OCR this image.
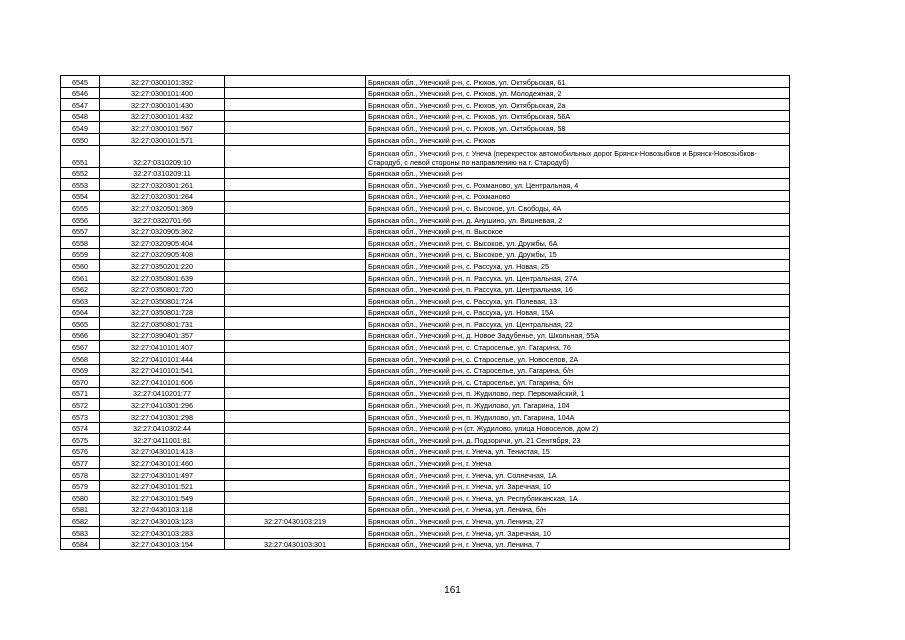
6545	32:27:0300101:392		Брянская обл., Унечский р-н, с. Рюхов, ул. Октябрьская, 61
6546	32:27:0300101:400		Брянская обл., Унечский р-н, с. Рюхов, ул. Молодежная, 2
6547	32:27:0300101:430		Брянская обл., Унечский р-н, с. Рюхов, ул. Октябрьская, 2а
6548	32:27:0300101:432		Брянская обл., Унечский р-н, с. Рюхов, ул. Октябрьская, 56А
6549	32:27:0300101:567		Брянская обл., Унечский р-н, с. Рюхов, ул. Октябрьская, 58
6550	32:27:0300101:571		Брянская обл., Унечский р-н, с. Рюхов
6551	32:27:0310209:10		Брянская обл., Унечский р-н, г. Унеча (перекресток автомобильных дорог Брянск-Новозыбков и Брянск-Новозыбков-Стародуб, с левой стороны по направлению на г. Стародуб)
6552	32:27:0310209:11		Брянская обл., Унечский р-н
6553	32:27:0320301:261		Брянская обл., Унечский р-н, с. Рохманово, ул. Центральная, 4
6554	32:27:0320301:264		Брянская обл., Унечский р-н, с. Рохманово
6555	32:27:0320501:369		Брянская обл., Унечский р-н, с. Высокое, ул. Свободы, 4А
6556	32:27:0320701:66		Брянская обл., Унечский р-н, д. Анушино, ул. Вишневая, 2
6557	32:27:0320905:362		Брянская обл., Унечский р-н, п. Высокое
6558	32:27:0320905:404		Брянская обл., Унечский р-н, с. Высокое, ул. Дружбы, 6А
6559	32:27:0320905:408		Брянская обл., Унечский р-н, с. Высокое, ул. Дружбы, 15
6560	32:27:0350201:220		Брянская обл., Унечский р-н, с. Рассуха, ул. Новая, 25
6561	32:27:0350801:639		Брянская обл., Унечский р-н, п. Рассуха, ул. Центральная, 27А
6562	32:27:0350801:720		Брянская обл., Унечский р-н, п. Рассуха, ул. Центральная, 16
6563	32:27:0350801:724		Брянская обл., Унечский р-н, с. Рассуха, ул. Полевая, 13
6564	32:27:0350801:728		Брянская обл., Унечский р-н, с. Рассуха, ул. Новая, 15А
6565	32:27:0350801:731		Брянская обл., Унечский р-н, п. Рассуха, ул. Центральная, 22
6566	32:27:0390401:357		Брянская обл., Унечский р-н, д. Новое Задубенье, ул. Школьная, 55А
6567	32:27:0410101:407		Брянская обл., Унечский р-н, с. Староселье, ул. Гагарина, 76
6568	32:27:0410101:444		Брянская обл., Унечский р-н, с. Староселье, ул. Новоселов, 2А
6569	32:27:0410101:541		Брянская обл., Унечский р-н, с. Староселье, ул. Гагарина, б/н
6570	32:27:0410101:606		Брянская обл., Унечский р-н, с. Староселье, ул. Гагарина, б/н
6571	32:27:0410201:77		Брянская обл., Унечский р-н, п. Жудилово, пер. Первомайский, 1
6572	32:27:0410301:296		Брянская обл., Унечский р-н, п. Жудилово, ул. Гагарина, 104
6573	32:27:0410301:298		Брянская обл., Унечский р-н, п. Жудилово, ул. Гагарина, 104А
6574	32:27:0410302:44		Брянская обл., Унечский р-н (ст. Жудилово, улица Новоселов, дом 2)
6575	32:27:0411001:81		Брянская обл., Унечский р-н, д. Подзоричи, ул. 21 Сентября, 23
6576	32:27:0430101:413		Брянская обл., Унечский р-н, г. Унеча, ул. Тенистая, 15
6577	32:27:0430101:460		Брянская обл., Унечский р-н, г. Унеча
6578	32:27:0430101:497		Брянская обл., Унечский р-н, г. Унеча, ул. Солнечная, 1А
6579	32:27:0430101:521		Брянская обл., Унечский р-н, г. Унеча, ул. Заречная, 10
6580	32:27:0430101:549		Брянская обл., Унечский р-н, г. Унеча, ул. Республиканская, 1А
6581	32:27:0430103:118		Брянская обл., Унечский р-н, г. Унеча, ул. Ленина, б/н
6582	32:27:0430103:123	32:27:0430103:219	Брянская обл., Унечский р-н, г. Унеча, ул. Ленина, 27
6583	32:27:0430103:283		Брянская обл., Унечский р-н, г. Унеча, ул. Заречная, 10
6584	32:27:0430103:154	32:27:0430103:301	Брянская обл., Унечский р-н, г. Унеча, ул. Ленина, 7
161
